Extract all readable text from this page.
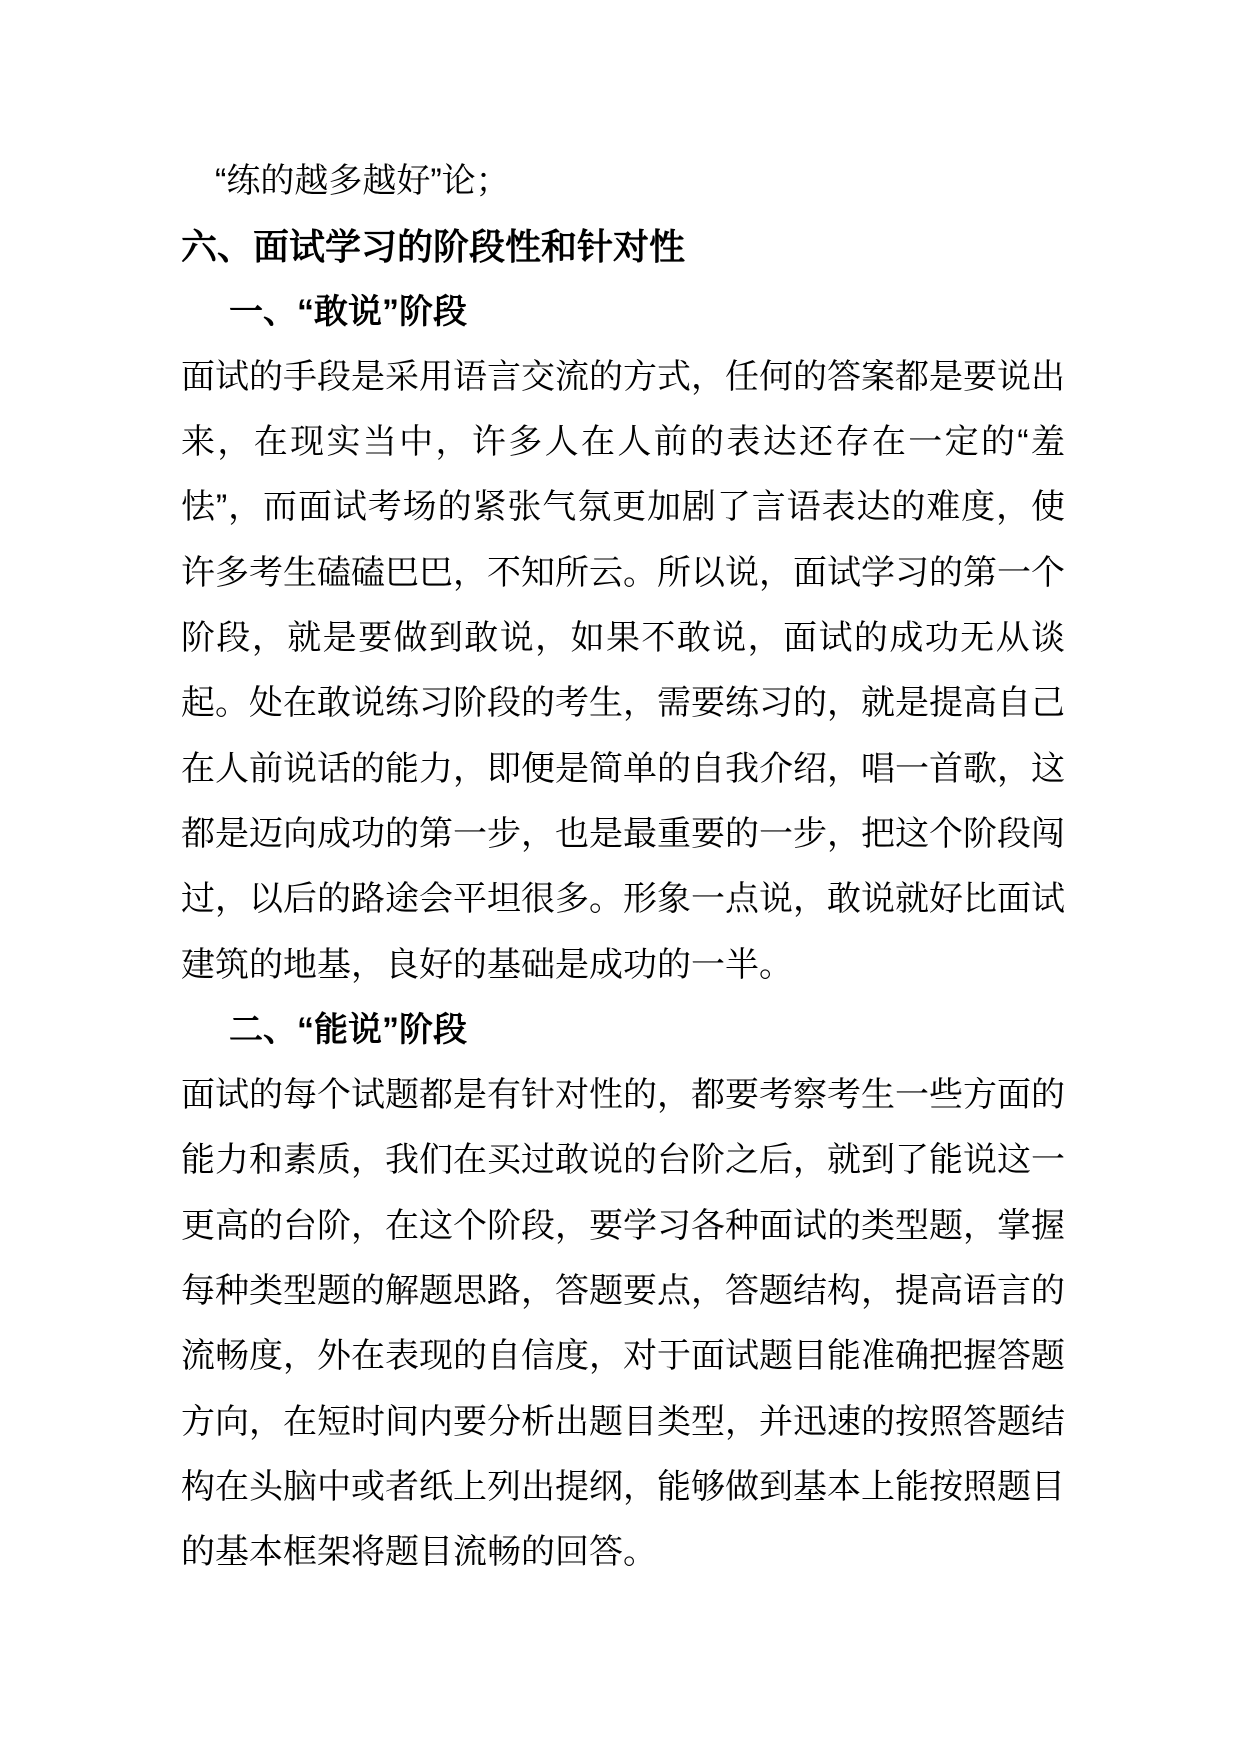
“练的越多越好”论；

六、面试学习的阶段性和针对性
一、“敢说”阶段

面试的手段是采用语言交流的方式，任何的答案都是要说出来，在现实当中，许多人在人前的表达还存在一定的“羞怯”，而面试考场的紧张气氛更加剧了言语表达的难度，使许多考生磕磕巴巴，不知所云。所以说，面试学习的第一个阶段，就是要做到敢说，如果不敢说，面试的成功无从谈起。处在敢说练习阶段的考生，需要练习的，就是提高自己在人前说话的能力，即便是简单的自我介绍，唱一首歌，这都是迈向成功的第一步，也是最重要的一步，把这个阶段闯过，以后的路途会平坦很多。形象一点说，敢说就好比面试建筑的地基，良好的基础是成功的一半。

二、“能说”阶段

面试的每个试题都是有针对性的，都要考察考生一些方面的能力和素质，我们在买过敢说的台阶之后，就到了能说这一更高的台阶，在这个阶段，要学习各种面试的类型题，掌握每种类型题的解题思路，答题要点，答题结构，提高语言的流畅度，外在表现的自信度，对于面试题目能准确把握答题方向，在短时间内要分析出题目类型，并迅速的按照答题结构在头脑中或者纸上列出提纲，能够做到基本上能按照题目的基本框架将题目流畅的回答。
